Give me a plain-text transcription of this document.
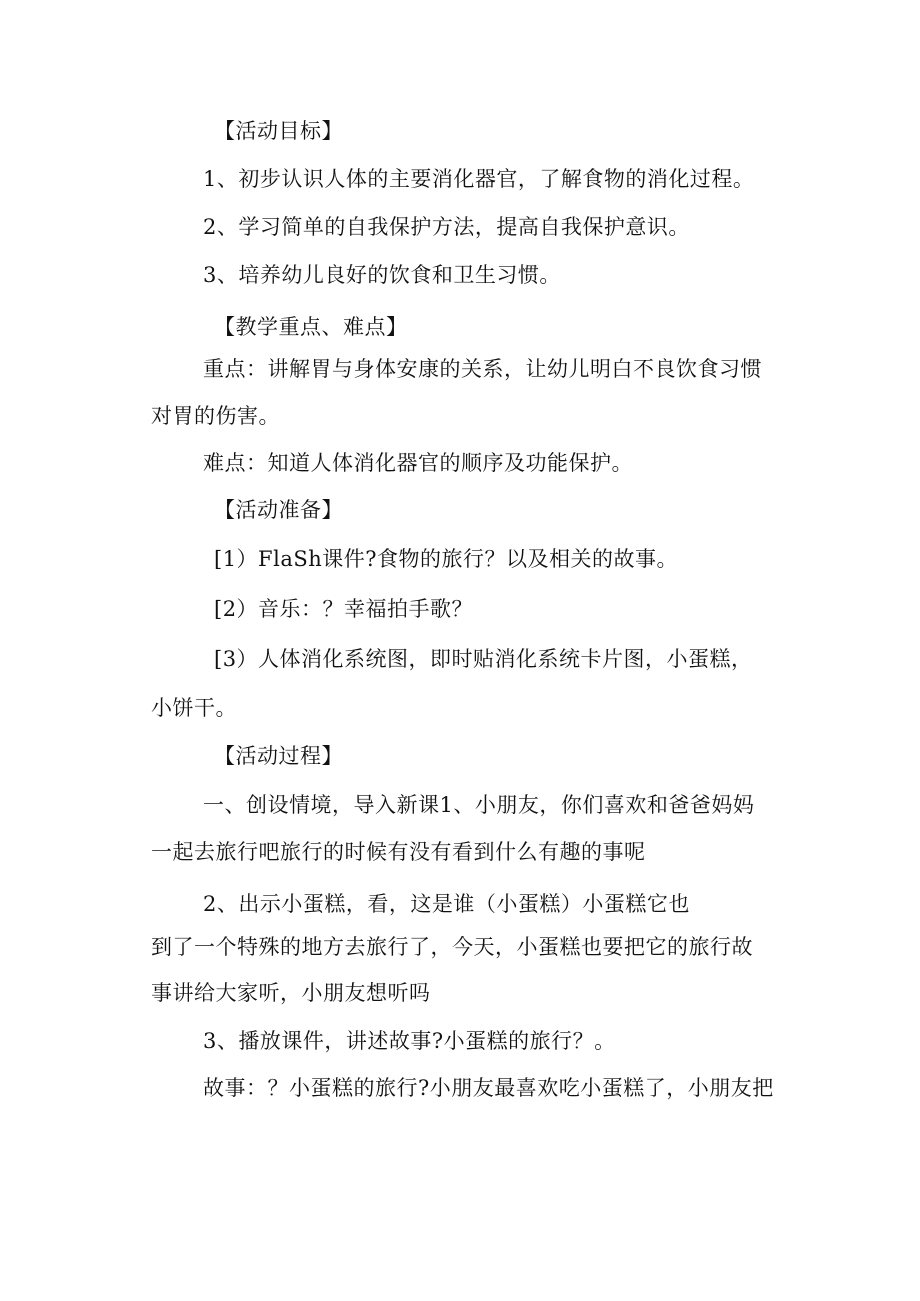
【活动目标】
1、初步认识人体的主要消化器官，了解食物的消化过程。
2、学习简单的自我保护方法，提高自我保护意识。
3、培养幼儿良好的饮食和卫生习惯。
【教学重点、难点】
重点：讲解胃与身体安康的关系，让幼儿明白不良饮食习惯
对胃的伤害。
难点：知道人体消化器官的顺序及功能保护。
【活动准备】
[1）FlaSh课件?食物的旅行？以及相关的故事。
[2）音乐：？幸福拍手歌？
[3）人体消化系统图，即时贴消化系统卡片图，小蛋糕，
小饼干。
【活动过程】
一、创设情境，导入新课1、小朋友，你们喜欢和爸爸妈妈
一起去旅行吧旅行的时候有没有看到什么有趣的事呢
2、出示小蛋糕，看，这是谁（小蛋糕）小蛋糕它也
到了一个特殊的地方去旅行了，今天，小蛋糕也要把它的旅行故
事讲给大家听，小朋友想听吗
3、播放课件，讲述故事?小蛋糕的旅行？。
故事：？小蛋糕的旅行?小朋友最喜欢吃小蛋糕了，小朋友把
